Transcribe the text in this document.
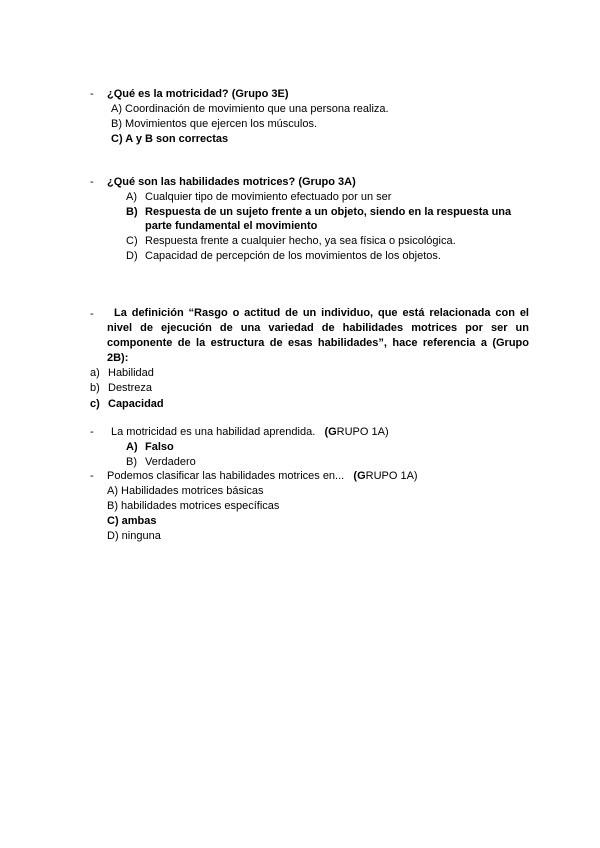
- ¿Qué es la motricidad? (Grupo 3E)
A) Coordinación de movimiento que una persona realiza.
B) Movimientos que ejercen los músculos.
C) A y B son correctas
- ¿Qué son las habilidades motrices? (Grupo 3A)
A) Cualquier tipo de movimiento efectuado por un ser
B) Respuesta de un sujeto frente a un objeto, siendo en la respuesta una
parte fundamental el movimiento
C) Respuesta frente a cualquier hecho, ya sea física o psicológica.
D) Capacidad de percepción de los movimientos de los objetos.
-	La definición “Rasgo o actitud de un individuo, que está relacionada con el nivel de ejecución de una variedad de habilidades motrices por ser un componente de la estructura de esas habilidades”, hace referencia a (Grupo 2B):
a) Habilidad
b) Destreza
c) Capacidad
- La motricidad es una habilidad aprendida. (GRUPO 1A)
A) Falso
B) Verdadero
- Podemos clasificar las habilidades motrices en... (GRUPO 1A)
A) Habilidades motrices básicas
B) habilidades motrices específicas
C) ambas
D) ninguna
